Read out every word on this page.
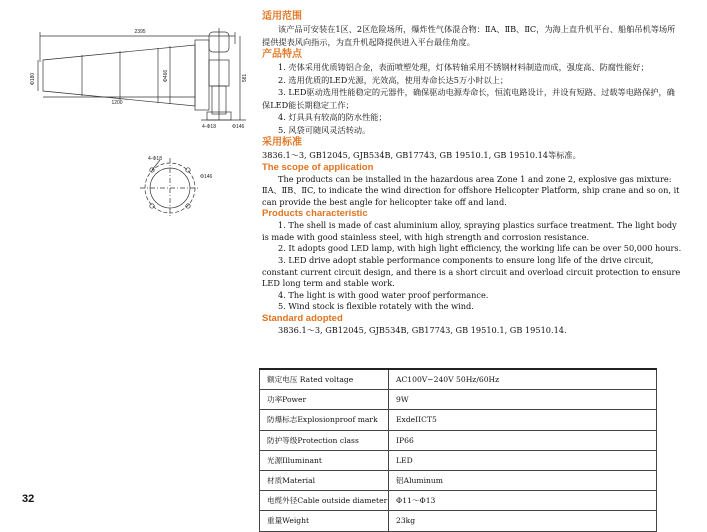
2395
1200
Φ180	Φ466	581
4-Φ18	Φ146
4-Φ18
Φ146

适用范围

该产品可安装在1区、2区危险场所，爆炸性气体混合物：ⅡA、ⅡB、ⅡC，为海上直升机平台、船舶吊机等场所提供提表风向指示，为直升机起降提供进入平台最佳角度。

产品特点

1. 壳体采用优质铸铝合金，表面喷塑处理，灯体转轴采用不锈钢材料制造而成，强度高、防腐性能好；

2. 选用优质的LED光源，光效高，使用寿命长达5万小时以上；

3. LED驱动选用性能稳定的元器件，确保驱动电源寿命长，恒流电路设计，并设有短路、过载等电路保护，确保LED能长期稳定工作；

4. 灯具具有较高的防水性能；

5. 风袋可随风灵活转动。

采用标准

3836.1～3, GB12045, GJB534B, GB17743, GB 19510.1, GB 19510.14等标准。

The scope of application

The products can be installed in the hazardous area Zone 1 and zone 2, explosive gas mixture: ⅡA、ⅡB、ⅡC, to indicate the wind direction for offshore Helicopter Platform, ship crane and so on, it can provide the best angle for helicopter take off and land.

Products characteristic

1. The shell is made of cast aluminium alloy, spraying plastics surface treatment. The light body is made with good stainless steel, with high strength and corrosion resistance.

2. It adopts good LED lamp, with high light efficiency, the working life can be over 50,000 hours.

3. LED drive adopt stable performance components to ensure long life of the drive circuit, constant current circuit design, and there is a short circuit and overload circuit protection to ensure LED long term and stable work.

4. The light is with good water proof performance.

5. Wind stock is flexible rotately with the wind.

Standard adopted

3836.1～3, GB12045, GJB534B, GB17743, GB 19510.1, GB 19510.14.

额定电压 Rated voltage	AC100V~240V 50Hz/60Hz
功率Power	9W
防爆标志Explosionproof mark	ExdeIICT5
防护等级Protection class	IP66
光源Illuminant	LED
材质Material	铝Aluminum
电缆外径Cable outside diameter	Φ11～Φ13
重量Weight	23kg
32
